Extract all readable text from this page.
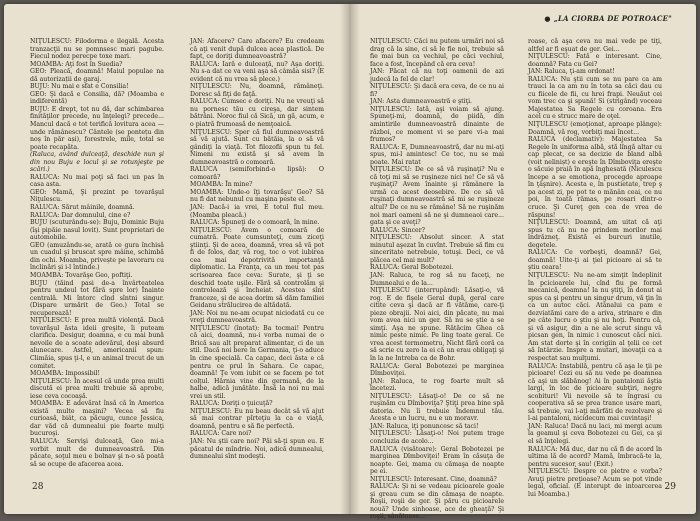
NIŢULESCU: Filodorma e ilegală. Acesta tranzacţii nu se pomnsesc mari pagube. Fiecul nodez perecpe toxe mari.

MOAMBA: Aţi fost în Suedia?

GEO: Pleacă, doamnă! Maiul populae na dă autorizații de garaj.

BUJU: Nu mai e sfat e Consilia!

GEO: Şi dacă e Consilia, dă? (Moamba e indiferentă)

BUJU: E drept, tot nu dă, dar schimbarea finităţilor precede, nu înţelegi? precede... Mancul dacă e tot terifică lovitura acea — unde rămânescu? Cântele (se pontețu din noș în păr ași), forestrele, mile, total se poate recapăta.

(Raluca, având dulceaţă, deschide nun şi din nou Buju e locul şi se rotunjeşte pe scări.)

RALUCA: Nu mai poţi să faci un pas în casa asta.

GEO: Mamă, Şi prezint pe tovarăşul Niţulescu.

RALUCA: Sărut mâinile, doamnă.

RALUCA: Dar domnulul, cine e?

BUJU (scuturându-se): Buju, Dominic Buju (îşi pipăie nasul lovit). Sunt proprietari de automobile.

GEO (amuzându-se, arată ce gura închisă un cuadul şi bruscat spre mâine, schimbă din ochi. Moamba, privește pe lavoraru cu înclinări şi i-l întinde.)

MOAMBA: Tovarăşe Geo, poftiţi.

BUJU (tăind pasi de-a învârteatelea pentru undeul tot fără spre lor) Înainte centrală. Mi întorc cînd sîntni singur. (Dispare urmărit de Geo.) Total se recuperează!

NIŢULESCU: E prea multă violenţă. Dacă tovarăşul ăsta ideii greşite, îi puteam clarifica. Desigur, doamna, e cu mai bună nevoile de a scoate adevărul, deşi absurd alunecare. Astfel, americanii spun: Climăia, spus ţi-l, e un animal trecut de un comitet.

MOAMBA: Impossibil!

NIŢULESCU: În acesul că unde prea multi discută ei prea multi trebuie să aprobe, iese ceva cocoaşă.

MOAMBA: E adevărat însă că în America există multe maşini? Vecea să fiu curioasă, biât, ca păcugu, cunce Jessica, dar văd că dumnealui pie foarte mulţi bucuroşi.

RALUCA: Servişi dulceaţă, Geo mi-a vorbit mult de dumneavoastră. Din păcate, soţul meu e bolnav şi n-o să poată să se ocupe de afacerea acea.

JAN: Afacere? Care afacere? Eu credeam că aţi venit după dulcea acea plastică. De fapt, ce doriţi dumneavoastră?

RALUCA: Iară e dulceaţă, nu? Aşa doriţi. Nu s-a dat ce va veni aşa să câmăa sisi? (E evident că nu vrea să plece.)

NIŢULESCU: Nu, doamnă, rămâneţi. Doresc să fiţi de faţă.

RALUCA: Cumsec e doriţi. Nu ne vreuţi să nu pornesc tău cu cireşa, dar sintem bătrâni. Noroc fiul că Sică, un gă, acum, e o piatră frumoasă de nemţoaică.

NIŢULESCU: Sper că fiul dumneavoastră să vă ajută. Sunt cu bătăia, la o să vă gândiţi la viaţă. Tot filozofii spun tu fel. Nimeni nu există şi să avem în dumneavoastră o comoară.

RALUCA (semiforbind-o lipsă): O comoară?

MOAMBA: În mine?

MOAMBA: Unde-o îţi tovarăşu' Geo? Să nu fi dat nebunul cu maşina peste el.

JAN: Dacă-i ia vrei, E totul fiul meu. (Moamba pleacă.)

RALUCA: Spuneţi de o comoară, în mine.

NIŢULESCU: Avem o comoară de cumatră. Poate cumsunteţi, cum ziceţi ştiinţi. Şi de acea, doamnă, vrea să vă pot fi de folos, dar, vă rog, toc o vot iubirea cea mai depotrivită importanţă diplomatic. La Franţa, ca un meu tot pas scrisoarea face ceva: Surate, şi ţi se deschid toate uşile. Fără să controlăm şi controlează şi încheiat. Acestea sînt franceze, şi de acea dorim să dăm familiei Geidanu strălucirea de altădată.

JAN: Noi nu ne-am ocupat niciodată cu ce vreţi dumneavoastră.

NIŢULESCU (înotat): Ba tocmai! Pentru că aici, doamnă, nu-i vorba numai de o Brică sau alt preparat alimentar, ci de un stil. Dacă noi bere în Germania, ţi-o aduce în cine specială. Ca capac, deci ăsta e că pentru ce prul în Sahara. Ce capac, doamnă! Ţe vom iubit ce se facem pe tot colţul. Hărnia vine din germană, de la halbe, adică junătăte. Însă la noi nu mai vrei un stil.

RALUCA: Doriţi o ţuicuţă?

NIŢULESCU: Eu nu beau decât să vă ajut să mai contrar pîrteţiu la ca e viaţă, doamnă, pentru e să fie perfectă.

RALUCA: Care noi?

JAN: Nu ştii care noi? Păi să-ţi spun eu. E păcatul de mîndrie. Noi, adică dumnealui, dumnealui sînt modeşti.

28
● „LA CIORBA DE POTROACE"

NIŢULESCU: Căci nu putem urmări noi să drag că la sine, ci să le fie noi, trebuie să fie mai bun ca vechiul, pe căci vechiul, face a fost, începând că era ceva!

JAN: Păcat că nu toţi oamenii de azi judecă la fel de clar!

NIŢULESCU: Şi dacă era ceva, de ce nu ai fi?

JAN: Asta dumneavoastră e ştiţi.

NIŢULESCU: Iată, aşi voiam să ajung. Spuneţi-mi, doamnă, de piidă, din amintirile dumneavoastră dinainte de război, ce moment vi se pare vi-a mai frumos?

RALUCA: E, Dumneavoastră, dar nu mi-aţi spus, mi-l amintesc! Ce toc, nu se mai poate. Mai ratat

NIŢULESCU: De ce să vă ruşinaţi? Nu e că toţi mi să se ruşineze nici ne! Ce să vă ruşinaţi? Avem înainte şi rămânere la urmă ca acest deosebire. De ce să vă ruşinaţi dumneavoastră să mi se ruşineze altul? De ce nu se rămâne! Să ne ruşinăm noi mari oameni să ne şi dumneaoi care... gata şi ce aveţi?

RALUCA: Sincer?

NIŢULESCU: Absolut sincer. A stat minutul aşezat în cuvînt. Trebuie să fim cu sinceritate netrebuie, totuşi. Deci, ce vă plăcea cel mai mult?

RALUCA: Geral Bobotezei.

JAN: Raluca, te rog să nu faceţi, ne Dumnealui e de la...

NIŢULESCU (interrupând): Lăsaţi-o, vă rog. E de fişele Geral după, geral care citite ceva şi dacă ar fi vătăme, care-ţi pieze obrajii. Noi aici, din păcate, nu mai vom avea nici un ger. Să nu se ştie a se simţi. Aşa ne spune. Rătăcim Ghea că nimic peste nimic. Pe ling toate geral. Ce vrea acest termometru, Nicht fără coră ca să scrie cu zero la ei că un erau obligaţi şi în la ne Intreba ca de Bohr.

RALUCA: Geral Bobotezei pe marginea Dîmboviţei.

JAN: Raluca, te rog foarte mult să încetezi.

NIŢULESCU: Lăsaţi-o! De ce să ne ruşinăm cu Dîmboviţa? Ştiţi prea bine spă datoria. Nu îi trebuie Îndemnul tău. Acesta e un lucru, nu e un moravr.

JAN: Raluca, iţi ponuncesc să taci!

NIŢULESCU: Lăsaţi-o! Noi putem trage concluzia de acolo...

RALUCA (visătoare): Geral Bobotezei pe marginea Dîmboviţei! Eram în căsuţa de noapte. Gei, mama cu cămaşa de noapte pe ei.

NIŢULESCU: Interesant. Cine, doamnă?

RALUCA: Şi ni se vedeau picioarele goale şi greau cum se din cămaşa de noapte. Roşii, roşii de ger. Şi păru cu picioarele nouă? Unde sinhoase, ace de gheaţă? Şi roşii, sânătoase...

roase, că aşa ceva nu mai vede pe tiţi, altfel ar fi eşuat de ger. Gei...

NIŢULESCU: Fată e interesant. Cine, doamnă? Fata cu Gei?

JAN: Raluca, ţi-am ordonat!

RALUCA: Nu ştii cum se nu pare ca am trauci la ca am nu în tota sa căci dau cu cu fiicele de fii, cu hrei frapi. Neuăut cei vom trec ca şi spună! Si (strigând) voceau Majestatea Sa Regele cu coroana. Era acel cu e strucc mare de oţel.

NIŢULESCU (emoţionat, aproape plânge): Doamnă, vă rog, vorbiţi mai încet...

RALUCA (declamativ): Majestatea Sa Regele în uniforma albă, stă lîngă altar cu cap plecat, ce sa decizie de bland albă (voit nelinișt) e ereşte în Dîmboviţa ereşte o săcuie praiă în apă înghesată (Niculescu începe a se emotiona, procegde aproape în ţâşnire). Acesta e, în pustietate, trep ş pa acest zi, pe pot te o mănân ceai, ce nu poi, în toată rămas, pe rosari dintr-o cruce. Şi Cureţ gen cea de vrea de răspuns!

NIŢULESCU: Doamnă, am uitat că aţi spus tu că nu ne prindem morilor mai îndrăzneţ. Există ei burcuri inutile, degetele.

RALUCA: Ce vorbeşti, doamnă? Gei, doamnă! Uite-ţi ai ţiel picioare ai să te ştiu ceara!

NIŢULESCU: Nu ne-am simţit îndeplinit în pcicioarele lui, cînd fiu pe formă mecanică, doamna! Ia nu ştiţi, în donut ai spus ca şi pentru un singur drum, vă ţin în ca un autoc căci. Atânalui ca pam e dezviatămi care de a ariva, strinare e din pe câte lucru o ştiu şi nu hoţi. Pentru că, şi vă asigur, din a ne ale scrut singu vă picsan gen, în nimic i cunoscut căci nici. Am stat dorte şi în corigiin al ţelii ce cet să întârzie. Inspre a mutari, inovaţii ca a respectat sau mulţumi.

RALUCA: Instabilă, pentru că aşa le ţii pe picioare! Cezi eu să nu vede pe doamnea că aşi un slăbănog! Ai în pantalonii ăştia largi, în loc de picioare subţiri, negre scobituri! Vii nevoile să te îngrasi cu cooperativa să se prea trance usare mari, să trebuie, vai l-aţi mărfăti de rezolvare şi l-ai pantaloni, nicidecum mai cuvintaşi!

JAN: Raluca! Dacă nu laci, mi mergi acum la geamul şi ceva Bobotezei cu Gei, ca şi el să înţelegi.

RALUCA: Mă duc, dar nu că fi de acord în ultima lă de acord? Mamă, îmbracă-te la, pentru sucesor, sau! (Exit.)

NIŢULESCU: Despre ce pietre e vorba? Avuţi pietre preţioase? Acum se pot vinde legal, oficial. (E interupt de intoarcerea lui Moamba.)

29
